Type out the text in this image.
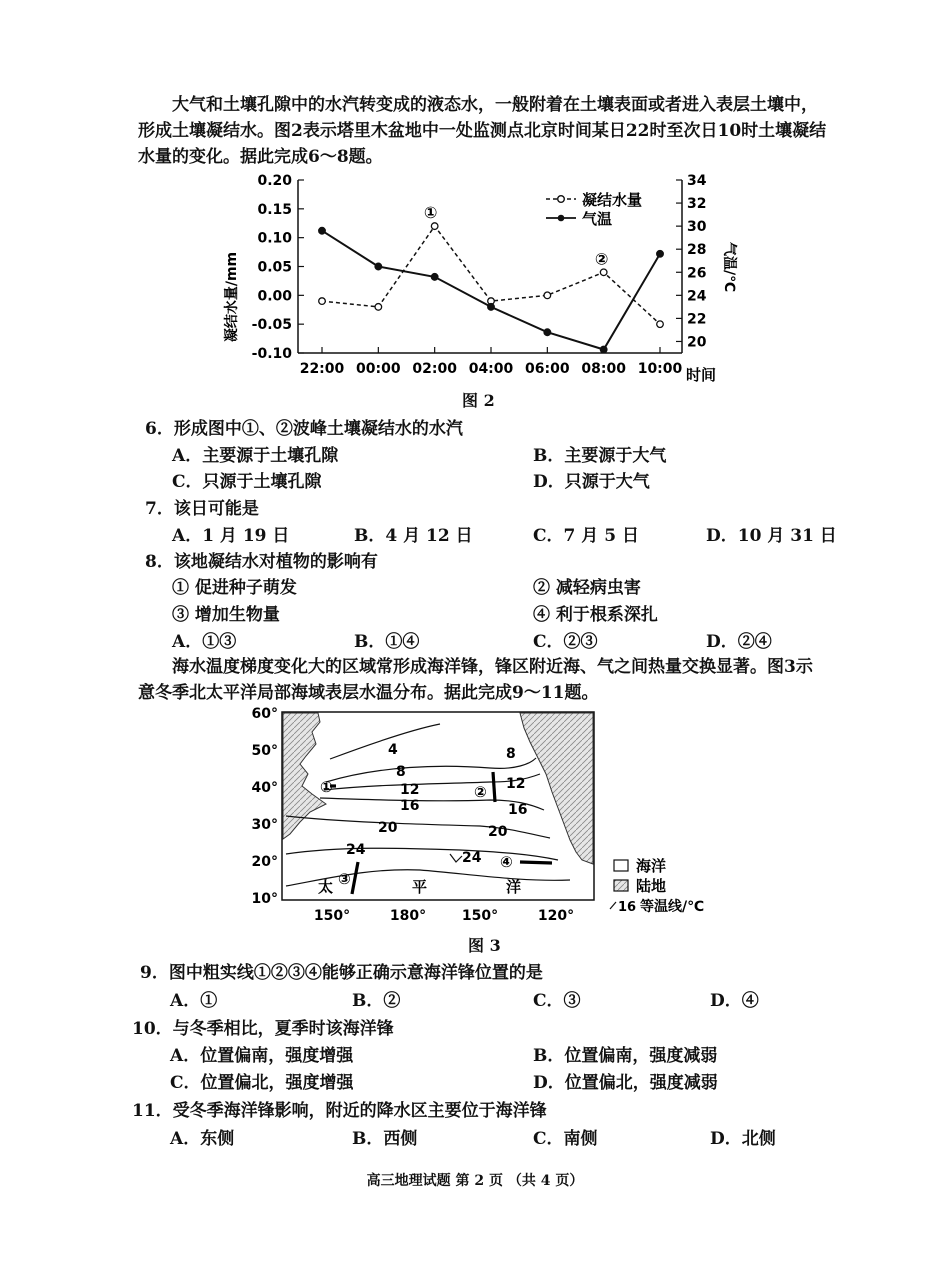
大气和土壤孔隙中的水汽转变成的液态水，一般附着在土壤表面或者进入表层土壤中，形成土壤凝结水。图2表示塔里木盆地中一处监测点北京时间某日22时至次日10时土壤凝结水量的变化。据此完成6～8题。
0.20
0.15
0.10
0.05
0.00
-0.05
-0.10
34
32
30
28
26
24
22
20
22:00 00:00 02:00 04:00 06:00 08:00 10:00
①
②
凝结水量
气温
凝结水量/mm	气温/℃
时间
图 2
6．形成图中①、②波峰土壤凝结水的水汽
A．主要源于土壤孔隙	B．主要源于大气
C．只源于土壤孔隙	D．只源于大气
7．该日可能是
A．1 月 19 日	B．4 月 12 日	C．7 月 5 日	D．10 月 31 日
8．该地凝结水对植物的影响有
① 促进种子萌发	② 减轻病虫害
③ 增加生物量	④ 利于根系深扎
A．①③	B．①④	C．②③	D．②④
海水温度梯度变化大的区域常形成海洋锋，锋区附近海、气之间热量交换显著。图3示意冬季北太平洋局部海域表层水温分布。据此完成9～11题。
4
8
12
16
20
24
8
12
16
20
24
①	②
③
④
太	平	洋
60°
50°
40°
30°
20°
10°
150°	180°	150°	120°
海洋
陆地
16 等温线/℃
图 3
9．图中粗实线①②③④能够正确示意海洋锋位置的是
A．①	B．②	C．③	D．④
10．与冬季相比，夏季时该海洋锋
A．位置偏南，强度增强	B．位置偏南，强度减弱
C．位置偏北，强度增强	D．位置偏北，强度减弱
11．受冬季海洋锋影响，附近的降水区主要位于海洋锋
A．东侧	B．西侧	C．南侧	D．北侧
高三地理试题 第 2 页 （共 4 页）
